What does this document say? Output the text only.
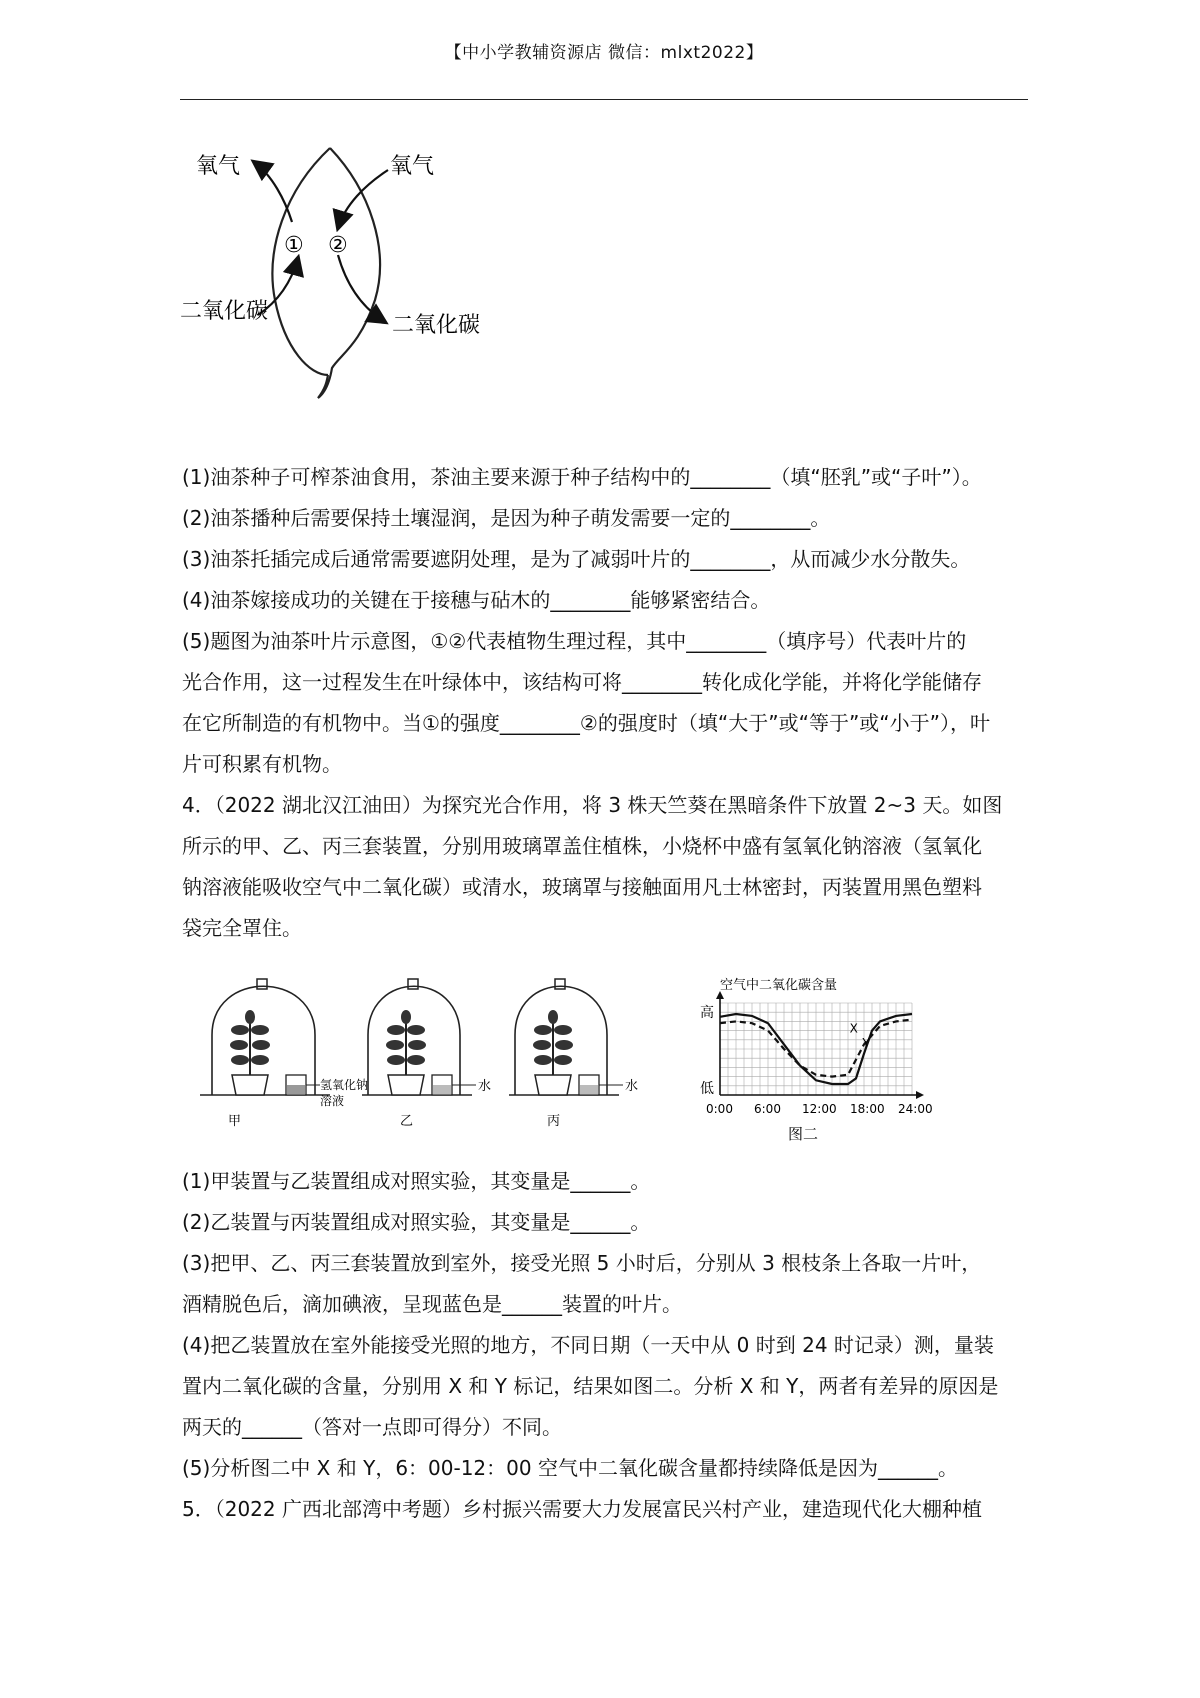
【中小学教辅资源店 微信：mlxt2022】
氧气	氧气
二氧化碳
二氧化碳
① ②
(1)油茶种子可榨茶油食用，茶油主要来源于种子结构中的________（填“胚乳”或“子叶”）。
(2)油茶播种后需要保持土壤湿润，是因为种子萌发需要一定的________。
(3)油茶托插完成后通常需要遮阴处理，是为了减弱叶片的________，从而减少水分散失。
(4)油茶嫁接成功的关键在于接穗与砧木的________能够紧密结合。
(5)题图为油茶叶片示意图，①②代表植物生理过程，其中________（填序号）代表叶片的
光合作用，这一过程发生在叶绿体中，该结构可将________转化成化学能，并将化学能储存
在它所制造的有机物中。当①的强度________②的强度时（填“大于”或“等于”或“小于”），叶
片可积累有机物。
4．（2022 湖北汉江油田）为探究光合作用，将 3 株天竺葵在黑暗条件下放置 2~3 天。如图
所示的甲、乙、丙三套装置，分别用玻璃罩盖住植株，小烧杯中盛有氢氧化钠溶液（氢氧化
钠溶液能吸收空气中二氧化碳）或清水，玻璃罩与接触面用凡士林密封，丙装置用黑色塑料
袋完全罩住。
氢氧化钠
溶液
甲
水
乙
水
丙
空气中二氧化碳含量
X
Y
0:00 6:00 12:00 18:00 24:00
高
低
图二
(1)甲装置与乙装置组成对照实验，其变量是______。
(2)乙装置与丙装置组成对照实验，其变量是______。
(3)把甲、乙、丙三套装置放到室外，接受光照 5 小时后，分别从 3 根枝条上各取一片叶，
酒精脱色后，滴加碘液，呈现蓝色是______装置的叶片。
(4)把乙装置放在室外能接受光照的地方，不同日期（一天中从 0 时到 24 时记录）测，量装
置内二氧化碳的含量，分别用 X 和 Y 标记，结果如图二。分析 X 和 Y，两者有差异的原因是
两天的______（答对一点即可得分）不同。
(5)分析图二中 X 和 Y，6：00-12：00 空气中二氧化碳含量都持续降低是因为______。
5．（2022 广西北部湾中考题）乡村振兴需要大力发展富民兴村产业，建造现代化大棚种植
